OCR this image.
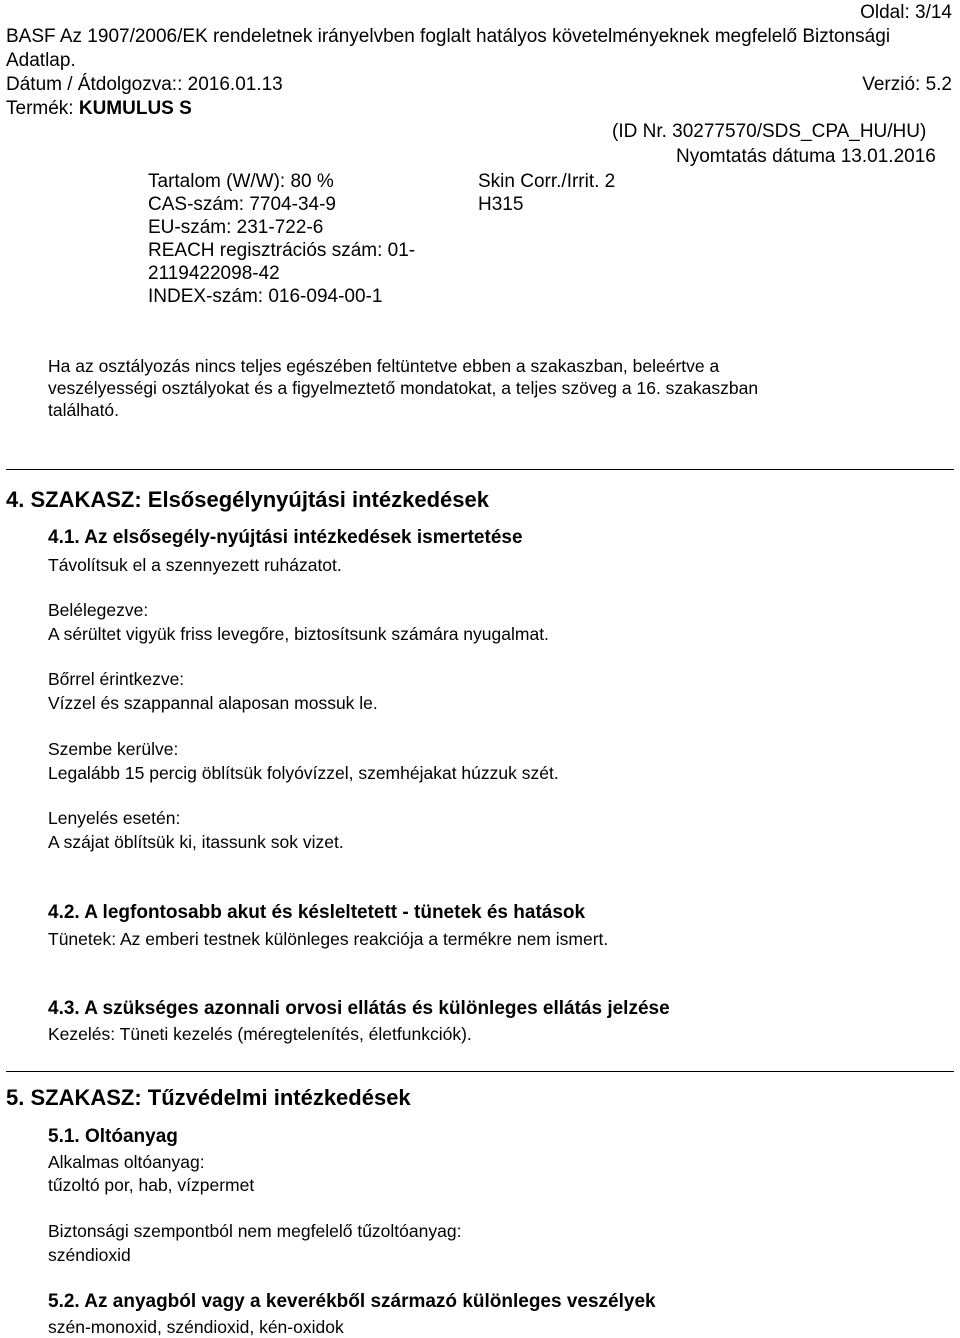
Oldal: 3/14
BASF Az 1907/2006/EK rendeletnek irányelvben foglalt hatályos követelményeknek megfelelő Biztonsági
Adatlap.
Dátum / Átdolgozva:: 2016.01.13	Verzió: 5.2
Termék: KUMULUS S
(ID Nr. 30277570/SDS_CPA_HU/HU)
Nyomtatás dátuma 13.01.2016
Tartalom (W/W): 80 %
CAS-szám: 7704-34-9
EU-szám: 231-722-6
REACH regisztrációs szám: 01-
2119422098-42
INDEX-szám: 016-094-00-1
Skin Corr./Irrit. 2
H315
Ha az osztályozás nincs teljes egészében feltüntetve ebben a szakaszban, beleértve a
veszélyességi osztályokat és a figyelmeztető mondatokat, a teljes szöveg a 16. szakaszban
található.
4. SZAKASZ: Elsősegélynyújtási intézkedések
4.1. Az elsősegély-nyújtási intézkedések ismertetése
Távolítsuk el a szennyezett ruházatot.
Belélegezve:
A sérültet vigyük friss levegőre, biztosítsunk számára nyugalmat.
Bőrrel érintkezve:
Vízzel és szappannal alaposan mossuk le.
Szembe kerülve:
Legalább 15 percig öblítsük folyóvízzel, szemhéjakat húzzuk szét.
Lenyelés esetén:
A szájat öblítsük ki, itassunk sok vizet.
4.2. A legfontosabb akut és késleltetett - tünetek és hatások
Tünetek: Az emberi testnek különleges reakciója a termékre nem ismert.
4.3. A szükséges azonnali orvosi ellátás és különleges ellátás jelzése
Kezelés: Tüneti kezelés (méregtelenítés, életfunkciók).
5. SZAKASZ: Tűzvédelmi intézkedések
5.1. Oltóanyag
Alkalmas oltóanyag:
tűzoltó por, hab, vízpermet
Biztonsági szempontból nem megfelelő tűzoltóanyag:
széndioxid
5.2. Az anyagból vagy a keverékből származó különleges veszélyek
szén-monoxid, széndioxid, kén-oxidok
